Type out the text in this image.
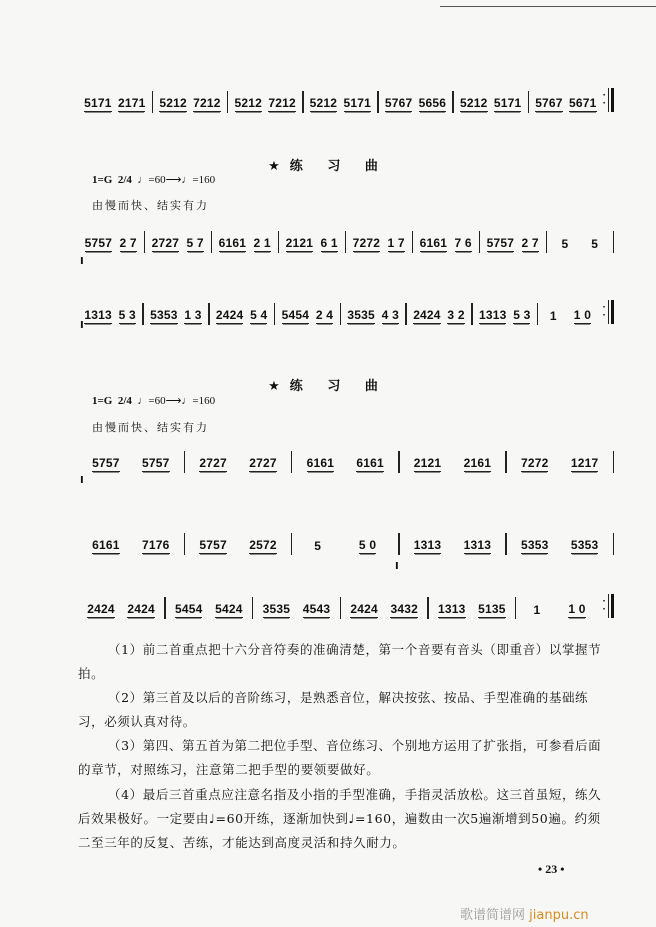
5171 2171 5212 7212 5212 7212 5212 5171 5767 5656 5212 5171 5767 5671
·
·
★练 习 曲
1=G 2/4 ♩=60⟶♩=160
由慢而快、结实有力
5757 2 7 2727 5 7 6161 2 1 2121 6 1 7272 1 7 6161 7 6 5757 2 7 5 5
I
1313 5 3 5353 1 3 2424 5 4 5454 2 4 3535 4 3 2424 3 2 1313 5 3 1 1 0
·
·
I
★练 习 曲
1=G 2/4 ♩=60⟶♩=160
由慢而快、结实有力
5757 5757 2727 2727 6161 6161 2121 2161 7272 1217
I
6161 7176 5757 2572	5	5 0	1313 1313 5353 5353
I
2424 2424 5454 5424 3535 4543 2424 3432 1313 5135 1 1 0
·
·
（1）前二首重点把十六分音符奏的准确清楚，第一个音要有音头（即重音）以掌握节拍。
（2）第三首及以后的音阶练习，是熟悉音位，解决按弦、按品、手型准确的基础练习，必须认真对待。
（3）第四、第五首为第二把位手型、音位练习、个别地方运用了扩张指，可参看后面的章节，对照练习，注意第二把手型的要领要做好。
（4）最后三首重点应注意名指及小指的手型准确，手指灵活放松。这三首虽短，练久后效果极好。一定要由♩=60开练，逐渐加快到♩=160，遍数由一次5遍渐增到50遍。约须二至三年的反复、苦练，才能达到高度灵活和持久耐力。
• 23 •
歌谱简谱网 jianpu.cn
